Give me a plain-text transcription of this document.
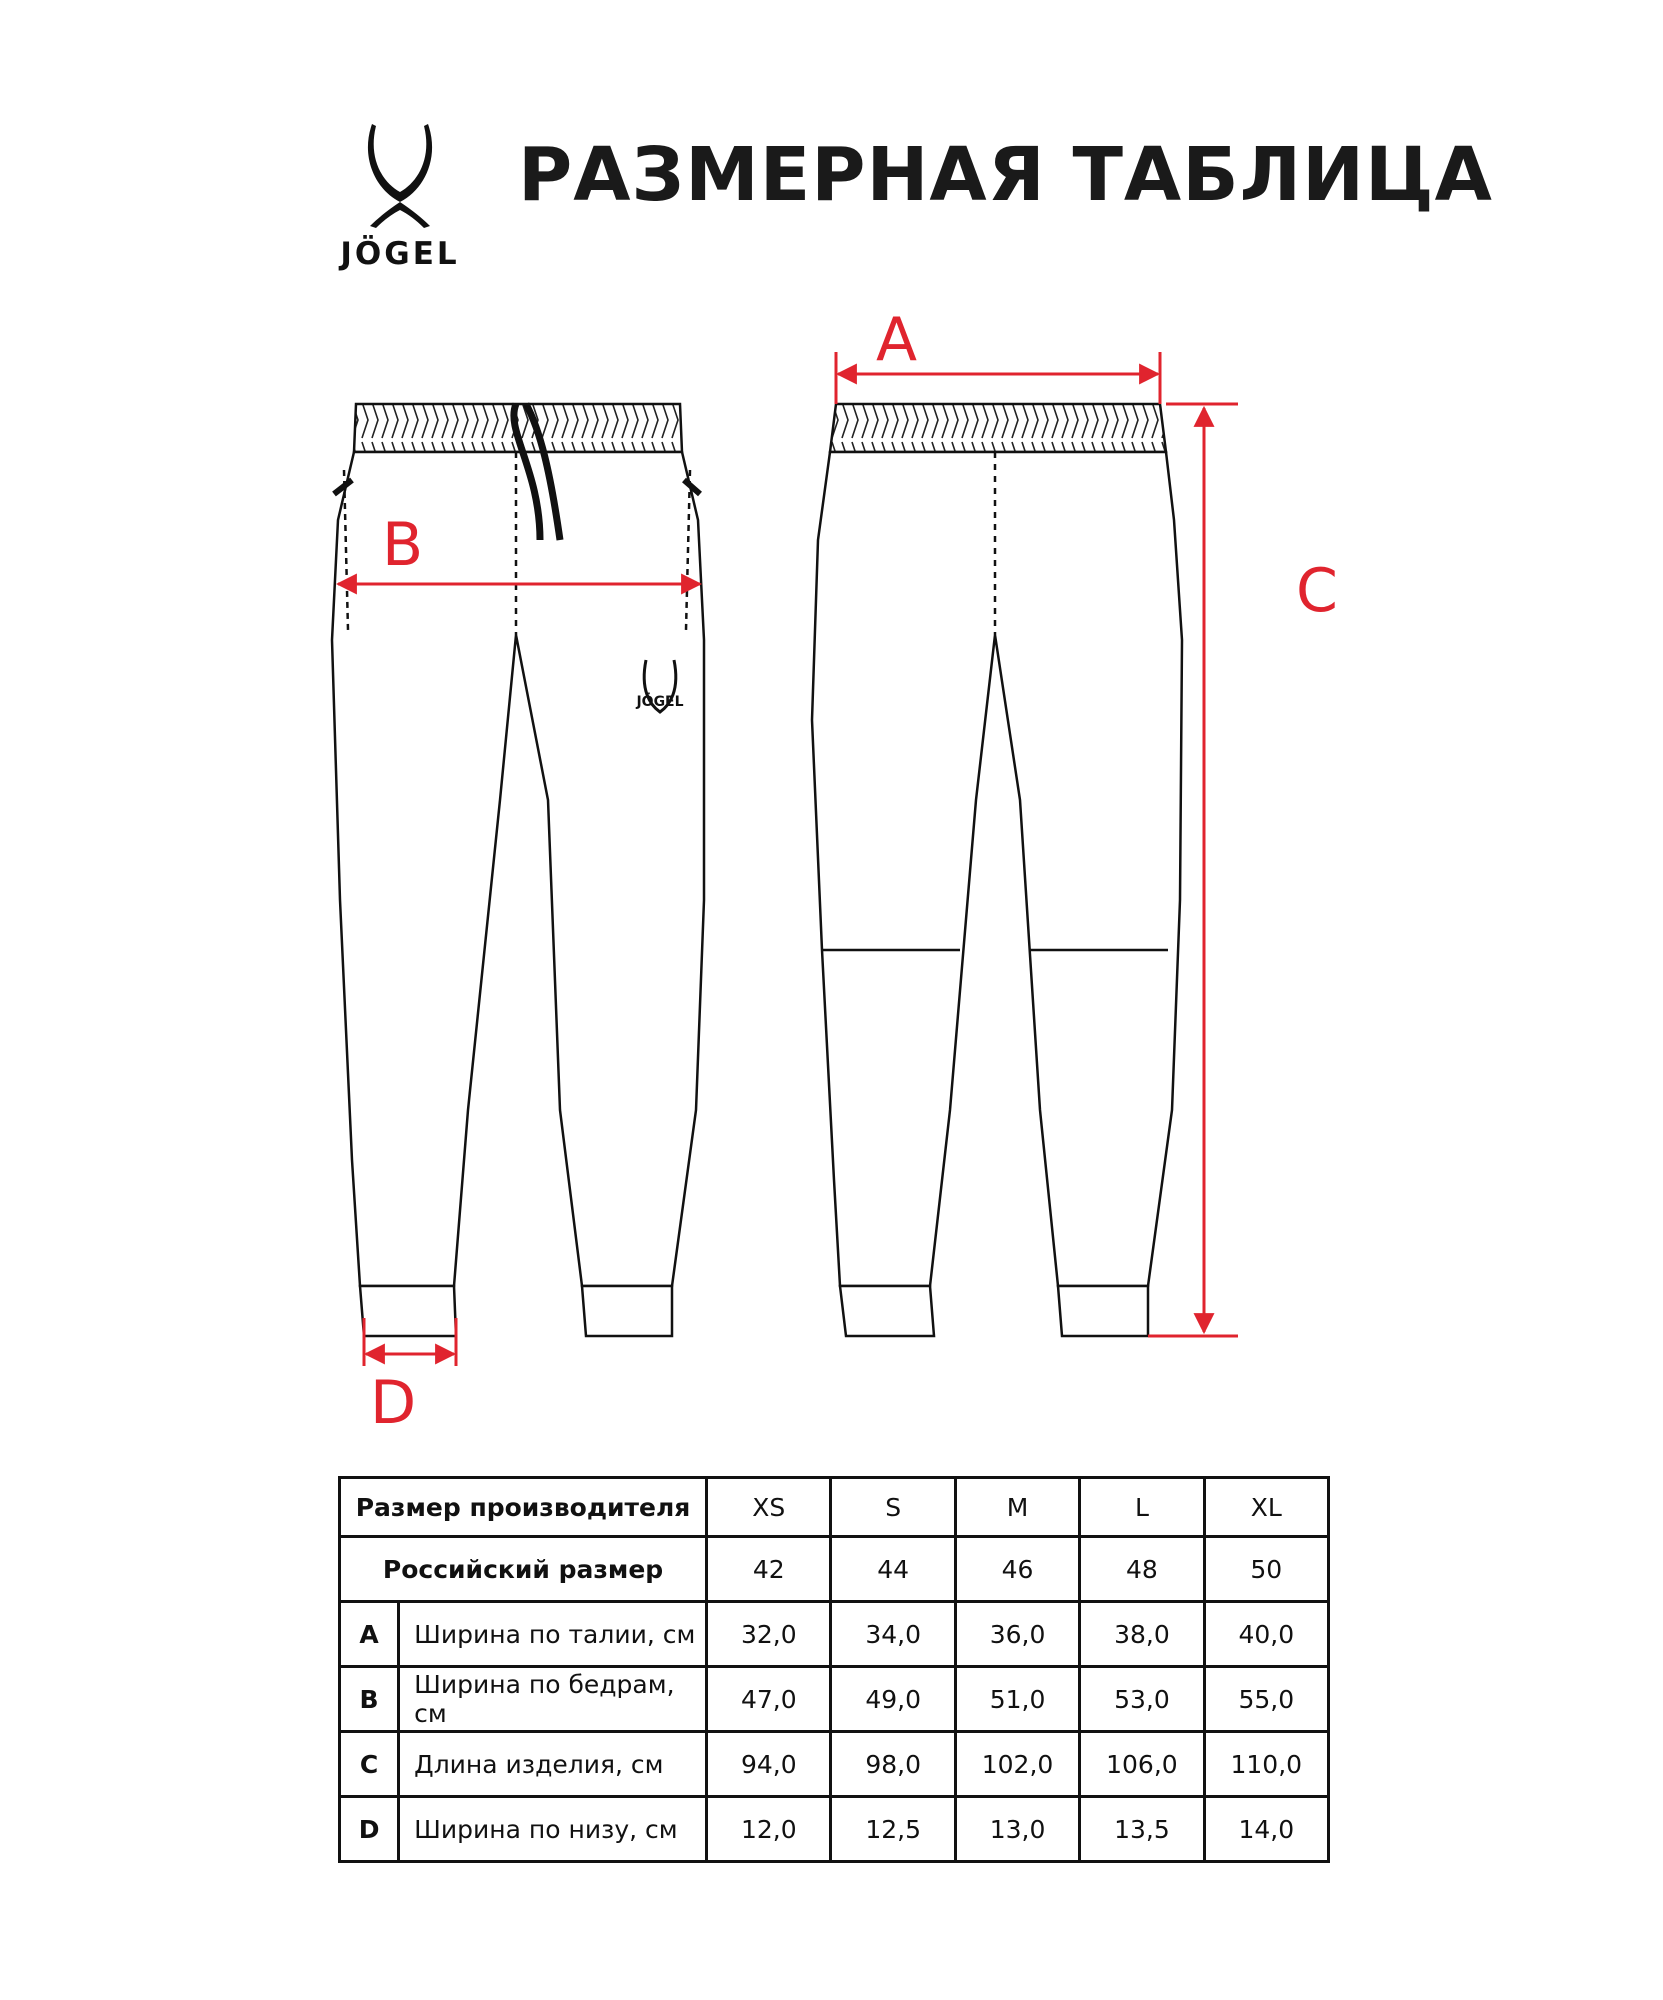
JÖGEL
РАЗМЕРНАЯ ТАБЛИЦА
JÖGEL
A
B
C
D
Размер производителя		XS	S	M	L	XL
Российский размер		42	44	46	48	50
A	Ширина по талии, см	32,0	34,0	36,0	38,0	40,0
B	Ширина по бедрам, см	47,0	49,0	51,0	53,0	55,0
C	Длина изделия, см	94,0	98,0	102,0	106,0	110,0
D	Ширина по низу, см	12,0	12,5	13,0	13,5	14,0
